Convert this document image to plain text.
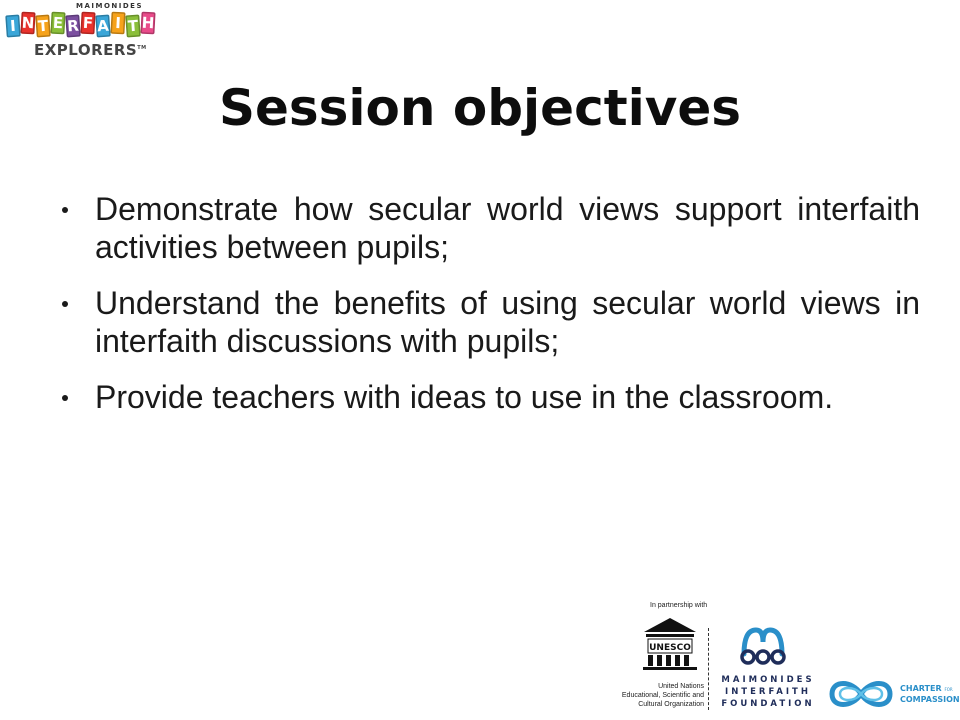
MAIMONIDES
I N T E R F A I T H
EXPLORERS™
Session objectives
Demonstrate how secular world views support interfaith activities between pupils;
Understand the benefits of using secular world views in interfaith discussions with pupils;
Provide teachers with ideas to use in the classroom.
In partnership with
UNESCO
United Nations
Educational, Scientific and
Cultural Organization
MAIMONIDES
INTERFAITH
FOUNDATION
CHARTER FOR
COMPASSION
